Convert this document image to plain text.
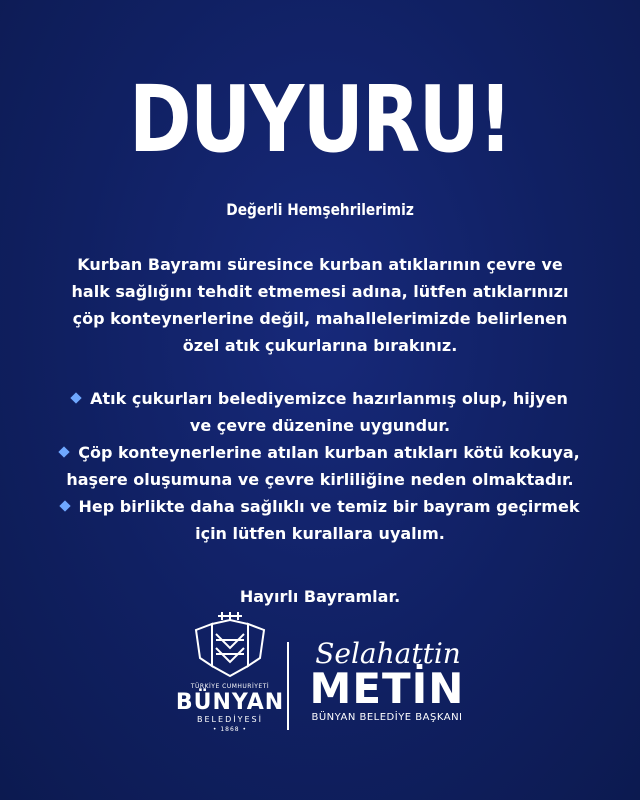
DUYURU!

Değerli Hemşehrilerimiz

Kurban Bayramı süresince kurban atıklarının çevre ve halk sağlığını tehdit etmemesi adına, lütfen atıklarınızı çöp konteynerlerine değil, mahallelerimizde belirlenen özel atık çukurlarına bırakınız.

Atık çukurları belediyemizce hazırlanmış olup, hijyen ve çevre düzenine uygundur.
Çöp konteynerlerine atılan kurban atıkları kötü kokuya, haşere oluşumuna ve çevre kirliliğine neden olmaktadır.
Hep birlikte daha sağlıklı ve temiz bir bayram geçirmek için lütfen kurallara uyalım.

Hayırlı Bayramlar.

TÜRKİYE CUMHURİYETİ
BÜNYAN
BELEDİYESİ
• 1868 •
Selahattin
METİN
BÜNYAN BELEDİYE BAŞKANI
